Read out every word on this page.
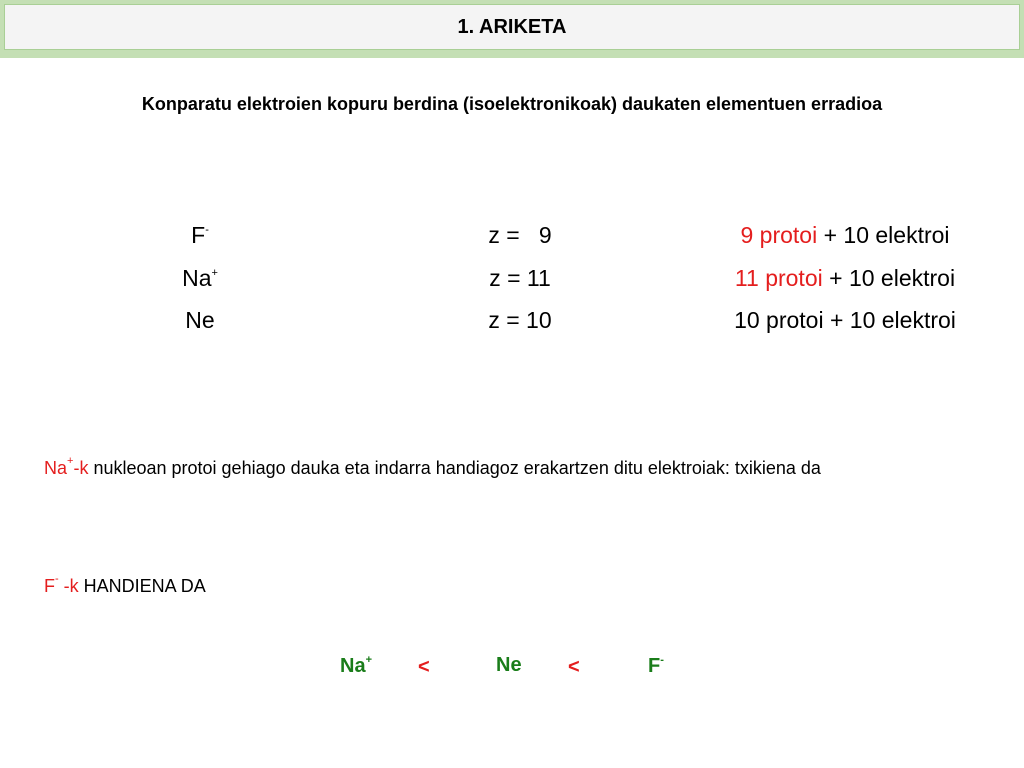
1. ARIKETA
Konparatu elektroien kopuru berdina (isoelektronikoak) daukaten elementuen erradioa
F-	z =   9	9 protoi + 10 elektroi
Na+	z = 11	11 protoi + 10 elektroi
Ne	z = 10	10 protoi + 10 elektroi
Na+-k nukleoan protoi gehiago dauka eta indarra handiagoz erakartzen ditu elektroiak: txikiena da
F- -k HANDIENA DA
Na+ <	Ne <	F-
